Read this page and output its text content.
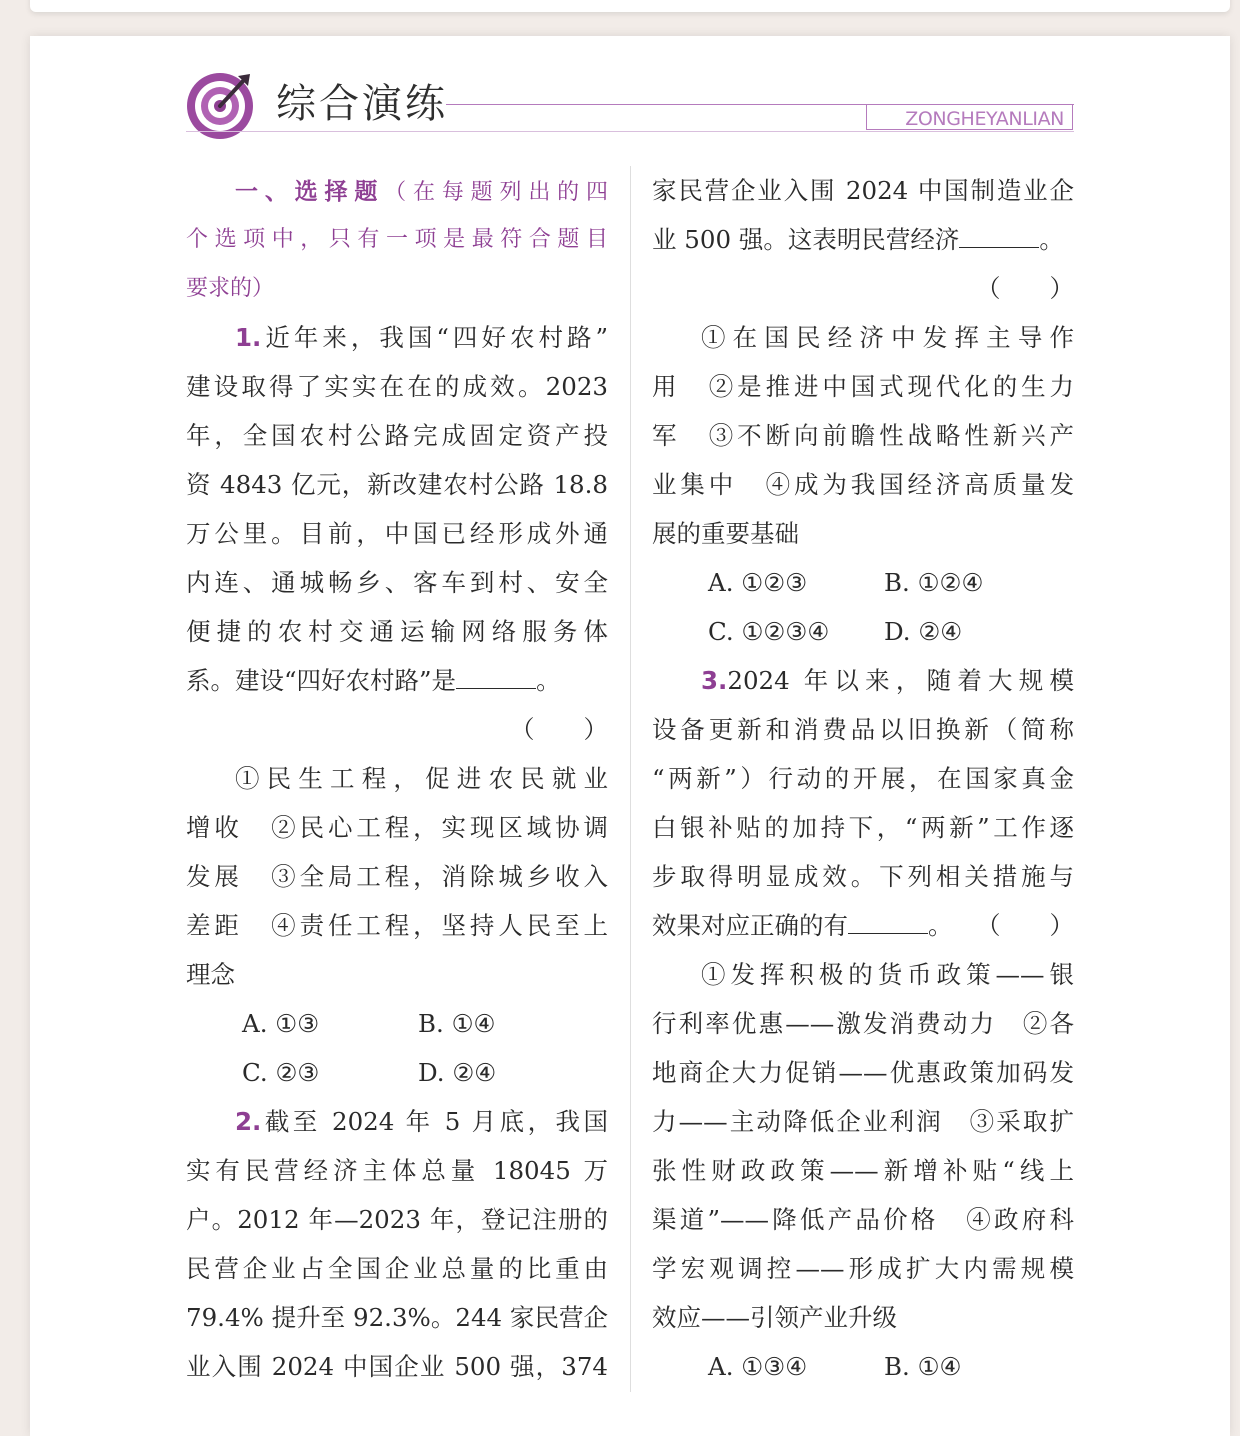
综合演练	ZONGHEYANLIAN
一、选择题（在每题列出的四
个选项中，只有一项是最符合题目
要求的）
1.近年来，我国“四好农村路”
建设取得了实实在在的成效。2023
年，全国农村公路完成固定资产投
资 4843 亿元，新改建农村公路 18.8
万公里。目前，中国已经形成外通
内连、通城畅乡、客车到村、安全
便捷的农村交通运输网络服务体
系。建设“四好农村路”是	。
（　　）
①民生工程，促进农民就业
增收　②民心工程，实现区域协调
发展　③全局工程，消除城乡收入
差距　④责任工程，坚持人民至上
理念
A. ①③	B. ①④
C. ②③	D. ②④
2.截至 2024 年 5 月底，我国
实有民营经济主体总量 18045 万
户。2012 年—2023 年，登记注册的
民营企业占全国企业总量的比重由
79.4% 提升至 92.3%。244 家民营企
业入围 2024 中国企业 500 强，374
家民营企业入围 2024 中国制造业企
业 500 强。这表明民营经济	。
（　　）
①在国民经济中发挥主导作
用　②是推进中国式现代化的生力
军　③不断向前瞻性战略性新兴产
业集中　④成为我国经济高质量发
展的重要基础
A. ①②③	B. ①②④
C. ①②③④ D. ②④
3.2024 年以来，随着大规模
设备更新和消费品以旧换新（简称
“两新”）行动的开展，在国家真金
白银补贴的加持下，“两新”工作逐
步取得明显成效。下列相关措施与
效果对应正确的有	。 （　　）
①发挥积极的货币政策——银
行利率优惠——激发消费动力　②各
地商企大力促销——优惠政策加码发
力——主动降低企业利润　③采取扩
张性财政政策——新增补贴“线上
渠道”——降低产品价格　④政府科
学宏观调控——形成扩大内需规模
效应——引领产业升级
A. ①③④	B. ①④
